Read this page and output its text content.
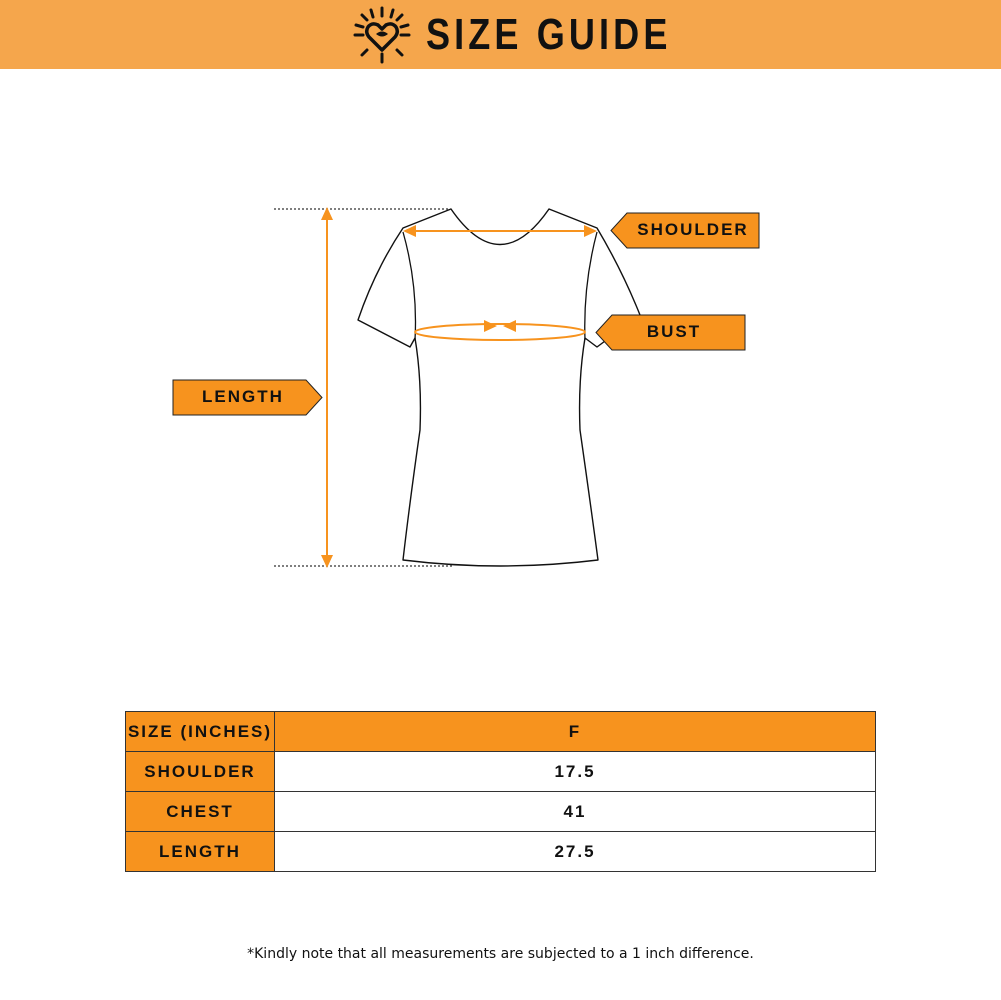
SIZE GUIDE
SHOULDER
BUST
LENGTH
SIZE (INCHES)	F
SHOULDER	17.5
CHEST	41
LENGTH	27.5
*Kindly note that all measurements are subjected to a 1 inch difference.
